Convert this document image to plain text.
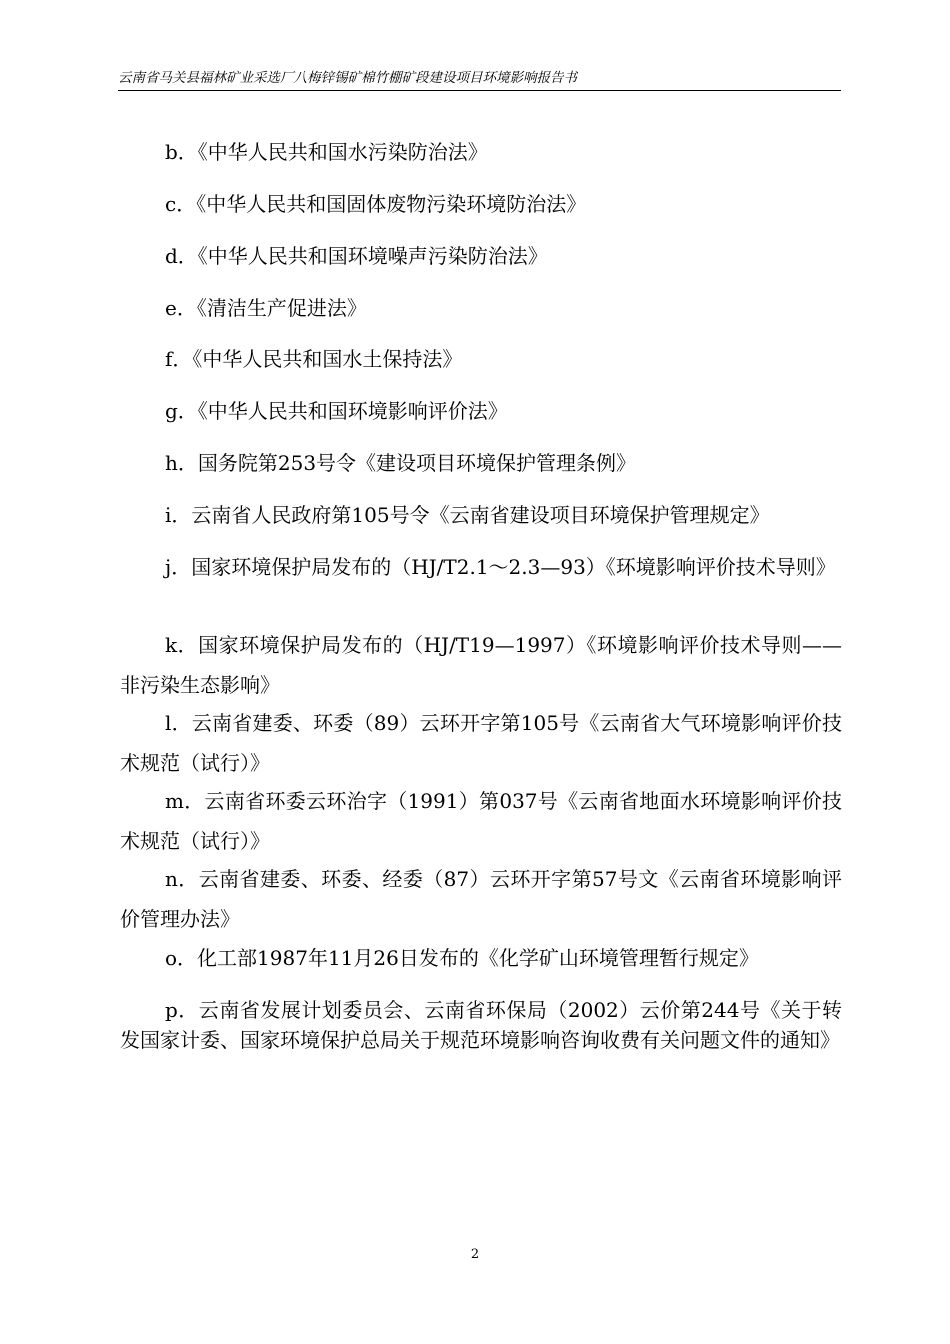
云南省马关县福林矿业采选厂八梅锌锡矿棉竹棚矿段建设项目环境影响报告书
b．《中华人民共和国水污染防治法》
c．《中华人民共和国固体废物污染环境防治法》
d．《中华人民共和国环境噪声污染防治法》
e．《清洁生产促进法》
f．《中华人民共和国水土保持法》
g．《中华人民共和国环境影响评价法》
h．国务院第253号令《建设项目环境保护管理条例》
i．云南省人民政府第105号令《云南省建设项目环境保护管理规定》
j．国家环境保护局发布的（HJ/T2.1～2.3—93）《环境影响评价技术导则》
k．国家环境保护局发布的（HJ/T19—1997）《环境影响评价技术导则——非污染生态影响》
l．云南省建委、环委（89）云环开字第105号《云南省大气环境影响评价技术规范（试行）》
m．云南省环委云环治字（1991）第037号《云南省地面水环境影响评价技术规范（试行）》
n．云南省建委、环委、经委（87）云环开字第57号文《云南省环境影响评价管理办法》
o．化工部1987年11月26日发布的《化学矿山环境管理暂行规定》
p．云南省发展计划委员会、云南省环保局（2002）云价第244号《关于转发国家计委、国家环境保护总局关于规范环境影响咨询收费有关问题文件的通知》
2
